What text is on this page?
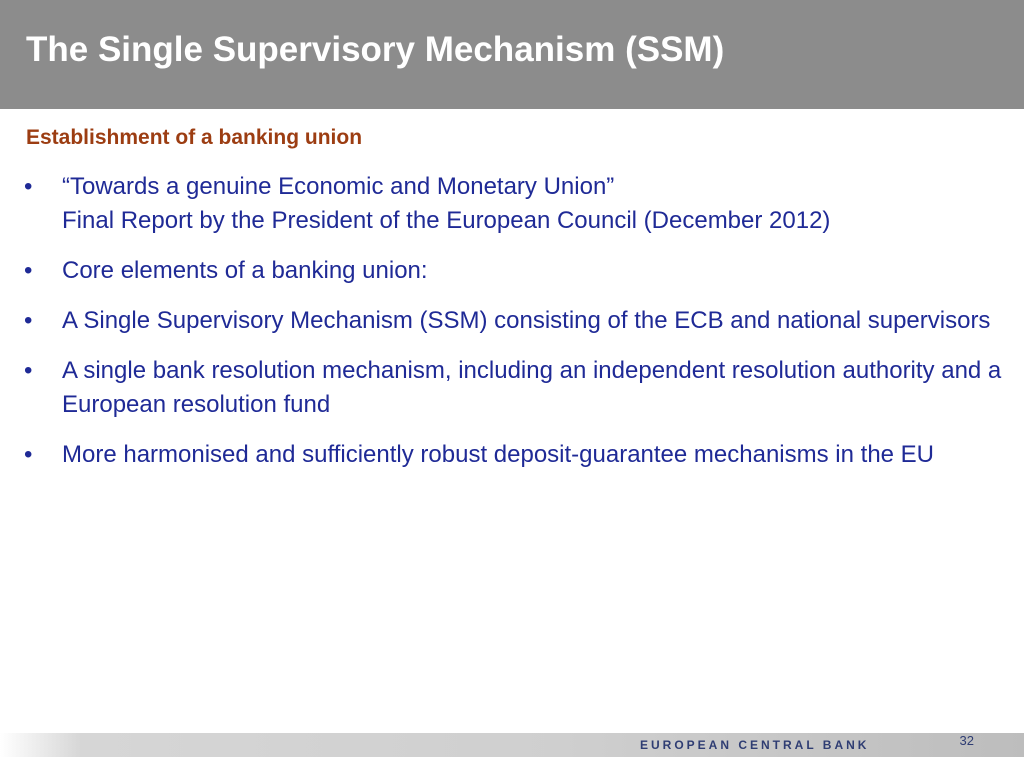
The Single Supervisory Mechanism (SSM)
Establishment of a banking union
• “Towards a genuine Economic and Monetary Union”
Final Report by the President of the European Council (December 2012)
• Core elements of a banking union:
• A Single Supervisory Mechanism (SSM) consisting of the ECB and national supervisors
• A single bank resolution mechanism, including an independent resolution authority and a European resolution fund
• More harmonised and sufficiently robust deposit-guarantee mechanisms in the EU
EUROPEAN CENTRAL BANK	32
